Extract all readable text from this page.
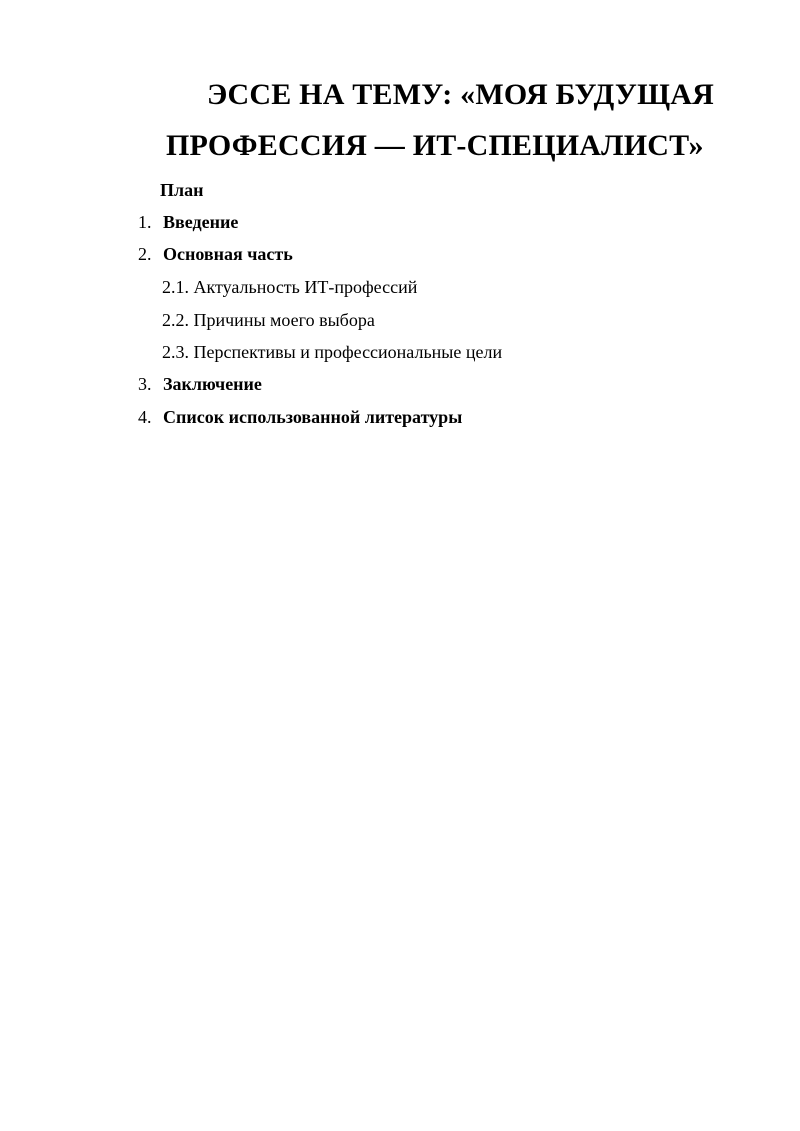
ЭССЕ НА ТЕМУ: «МОЯ БУДУЩАЯ
ПРОФЕССИЯ — ИТ-СПЕЦИАЛИСТ»
План
1. Введение
2. Основная часть
2.1. Актуальность ИТ-профессий
2.2. Причины моего выбора
2.3. Перспективы и профессиональные цели
3. Заключение
4. Список использованной литературы
